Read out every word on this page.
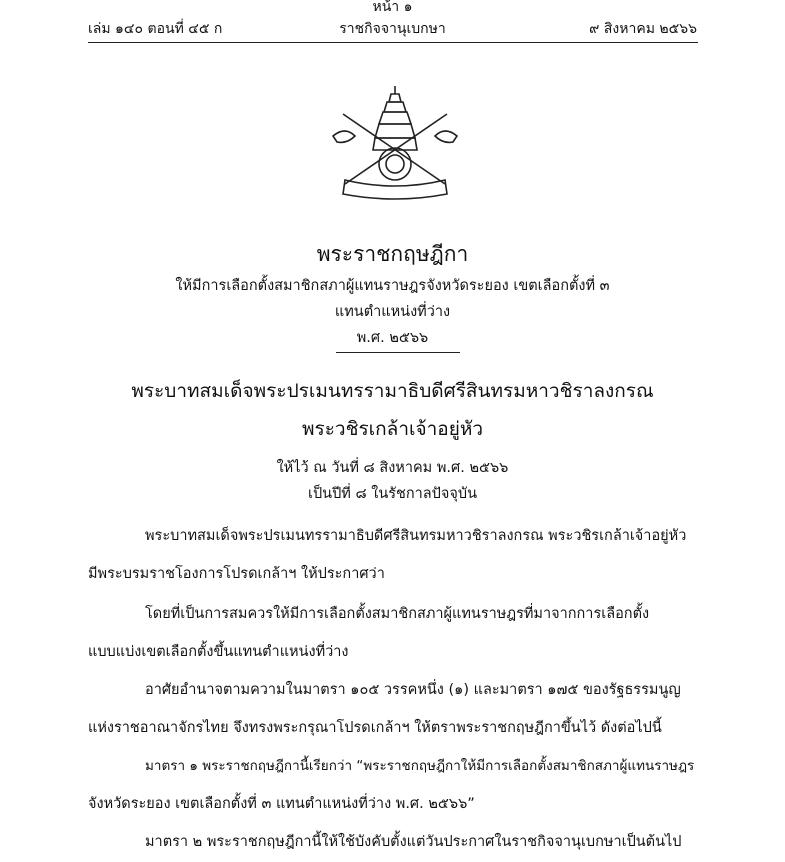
หน้า ๑
เล่ม ๑๔๐ ตอนที่ ๔๕ ก	ราชกิจจานุเบกษา	๙ สิงหาคม ๒๕๖๖
พระราชกฤษฎีกา
ให้มีการเลือกตั้งสมาชิกสภาผู้แทนราษฎรจังหวัดระยอง เขตเลือกตั้งที่ ๓
แทนตำแหน่งที่ว่าง
พ.ศ. ๒๕๖๖
พระบาทสมเด็จพระปรเมนทรรามาธิบดีศรีสินทรมหาวชิราลงกรณ
พระวชิรเกล้าเจ้าอยู่หัว
ให้ไว้ ณ วันที่ ๘ สิงหาคม พ.ศ. ๒๕๖๖
เป็นปีที่ ๘ ในรัชกาลปัจจุบัน
พระบาทสมเด็จพระปรเมนทรรามาธิบดีศรีสินทรมหาวชิราลงกรณ พระวชิรเกล้าเจ้าอยู่หัว
มีพระบรมราชโองการโปรดเกล้าฯ ให้ประกาศว่า
โดยที่เป็นการสมควรให้มีการเลือกตั้งสมาชิกสภาผู้แทนราษฎรที่มาจากการเลือกตั้ง
แบบแบ่งเขตเลือกตั้งขึ้นแทนตำแหน่งที่ว่าง
อาศัยอำนาจตามความในมาตรา ๑๐๕ วรรคหนึ่ง (๑) และมาตรา ๑๗๕ ของรัฐธรรมนูญ
แห่งราชอาณาจักรไทย จึงทรงพระกรุณาโปรดเกล้าฯ ให้ตราพระราชกฤษฎีกาขึ้นไว้ ดังต่อไปนี้
มาตรา ๑ พระราชกฤษฎีกานี้เรียกว่า “พระราชกฤษฎีกาให้มีการเลือกตั้งสมาชิกสภาผู้แทนราษฎร
จังหวัดระยอง เขตเลือกตั้งที่ ๓ แทนตำแหน่งที่ว่าง พ.ศ. ๒๕๖๖”
มาตรา ๒ พระราชกฤษฎีกานี้ให้ใช้บังคับตั้งแต่วันประกาศในราชกิจจานุเบกษาเป็นต้นไป
